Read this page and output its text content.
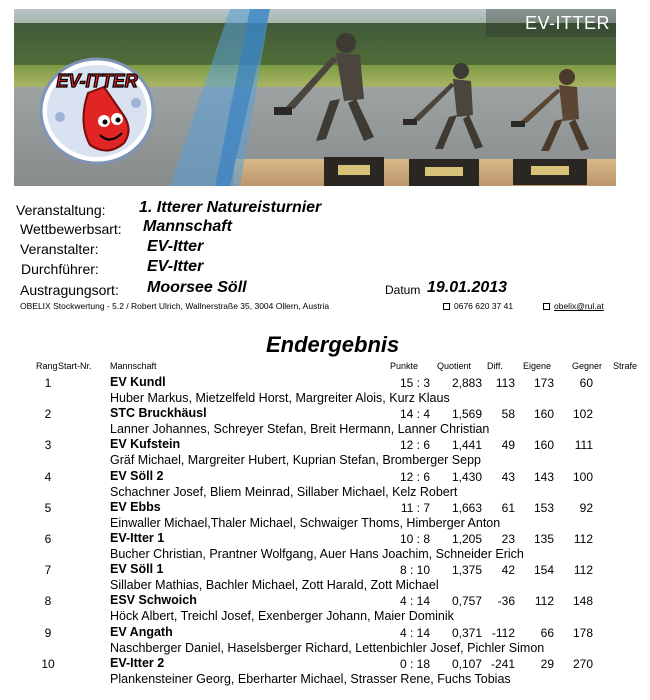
EV-ITTER
EV-ITTER
Veranstaltung: 1. Itterer Natureisturnier
Wettbewerbsart: Mannschaft
Veranstalter:	EV-Itter
Durchführer:	EV-Itter
Austragungsort: Moorsee Söll	Datum 19.01.2013
OBELIX Stockwertung - 5.2 / Robert Ulrich, Wallnerstraße 35, 3004 Ollern, Austria	0676 620 37 41	obelix@rul.at
Endergebnis
Rang Start-Nr. Mannschaft	Punkte Quotient Diff. Eigene Gegner Strafe
1	EV Kundl	15 : 3 2,883 113 173 60
Huber Markus, Mietzelfeld Horst, Margreiter Alois, Kurz Klaus
2	STC Bruckhäusl	14 : 4 1,569 58 160 102
Lanner Johannes, Schreyer Stefan, Breit Hermann, Lanner Christian
3	EV Kufstein	12 : 6 1,441 49 160 111
Gräf Michael, Margreiter Hubert, Kuprian Stefan, Bromberger Sepp
4	EV Söll 2	12 : 6 1,430 43 143 100
Schachner Josef, Bliem Meinrad, Sillaber Michael, Kelz Robert
5	EV Ebbs	11 : 7 1,663 61 153 92
Einwaller Michael,Thaler Michael, Schwaiger Thoms, Himberger Anton
6	EV-Itter 1	10 : 8 1,205 23 135 112
Bucher Christian, Prantner Wolfgang, Auer Hans Joachim, Schneider Erich
7	EV Söll 1	8 : 10 1,375 42 154 112
Sillaber Mathias, Bachler Michael, Zott Harald, Zott Michael
8	ESV Schwoich	4 : 14 0,757 -36 112 148
Höck Albert, Treichl Josef, Exenberger Johann, Maier Dominik
9	EV Angath	4 : 14 0,371 -112 66 178
Naschberger Daniel, Haselsberger Richard, Lettenbichler Josef, Pichler Simon
10	EV-Itter 2	0 : 18 0,107 -241 29 270
Plankensteiner Georg, Eberharter Michael, Strasser Rene, Fuchs Tobias
